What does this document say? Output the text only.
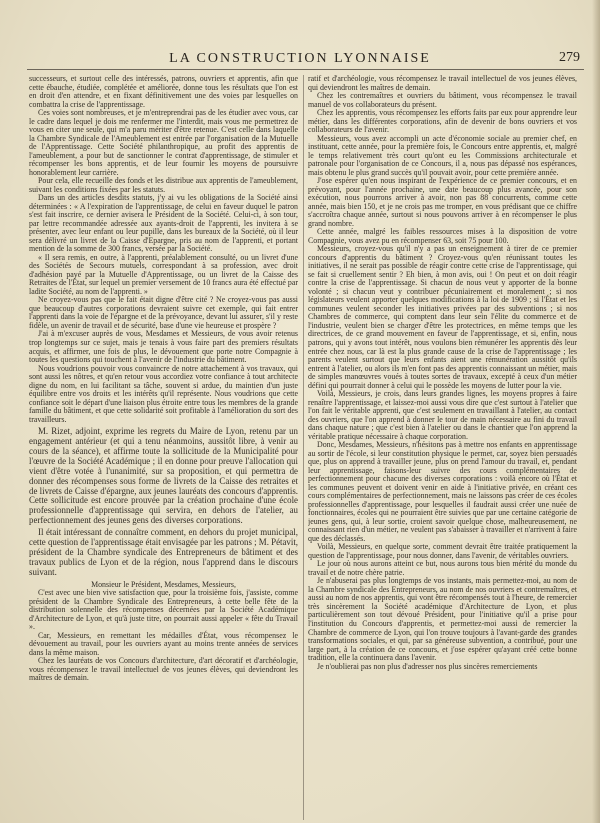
LA CONSTRUCTION LYONNAISE	279

successeurs, et surtout celle des intéressés, patrons, ouvriers et apprentis, afin que cette ébauche, étudiée, complétée et améliorée, donne tous les résultats que l'on est en droit d'en attendre, et en fixant définitivement une des voies par lesquelles on combattra la crise de l'apprentissage.

Ces voies sont nombreuses, et je m'entreprendrai pas de les étudier avec vous, car le cadre dans lequel je dois me renfermer me l'interdit, mais vous me permettrez de vous en citer une seule, qui m'a paru mériter d'être retenue. C'est celle dans laquelle la Chambre Syndicale de l'Ameublement est entrée par l'organisation de la Mutuelle de l'Apprentissage. Cette Société philanthropique, au profit des apprentis de l'ameublement, a pour but de sanctionner le contrat d'apprentissage, de stimuler et récompenser les bons apprentis, et de leur fournir les moyens de poursuivre honorablement leur carrière.

Pour cela, elle recueille des fonds et les distribue aux apprentis de l'ameublement, suivant les conditions fixées par les statuts.

Dans un des articles desdits statuts, j'y ai vu les obligations de la Société ainsi déterminées : « A l'expiration de l'apprentissage, de celui en faveur duquel le patron s'est fait inscrire, ce dernier avisera le Président de la Société. Celui-ci, à son tour, par lettre recommandée adressée aux ayants-droit de l'apprenti, les invitera à se présenter, avec leur enfant ou leur pupille, dans les bureaux de la Société, où il leur sera délivré un livret de la Caisse d'Epargne, pris au nom de l'apprenti, et portant mention de la somme de 300 francs, versée par la Société.

« Il sera remis, en outre, à l'apprenti, préalablement consulté, ou un livret d'une des Sociétés de Secours mutuels, correspondant à sa profession, avec droit d'adhésion payé par la Mutuelle d'Apprentissage, ou un livret de la Caisse des Retraites de l'État, sur lequel un premier versement de 10 francs aura été effectué par ladite Société, au nom de l'apprenti. »

Ne croyez-vous pas que le fait était digne d'être cité ? Ne croyez-vous pas aussi que beaucoup d'autres corporations devraient suivre cet exemple, qui fait entrer l'apprenti dans la voie de l'épargne et de la prévoyance, devant lui assurer, s'il y reste fidèle, un avenir de travail et de sécurité, base d'une vie heureuse et prospère ?

J'ai à m'excuser auprès de vous, Mesdames et Messieurs, de vous avoir retenus trop longtemps sur ce sujet, mais je tenais à vous faire part des premiers résultats acquis, et affirmer, une fois de plus, le dévouement que porte notre Compagnie à toutes les questions qui touchent à l'avenir de l'industrie du bâtiment.

Nous voudrions pouvoir vous convaincre de notre attachement à vos travaux, qui sont aussi les nôtres, et qu'en retour vous accordiez votre confiance à tout architecte digne du nom, en lui facilitant sa tâche, souvent si ardue, du maintien d'un juste équilibre entre vos droits et les intérêts qu'il représente. Nous voudrions que cette confiance soit le départ d'une liaison plus étroite entre tous les membres de la grande famille du bâtiment, et que cette solidarité soit profitable à l'amélioration du sort des travailleurs.

M. Rizet, adjoint, exprime les regrets du Maire de Lyon, retenu par un engagement antérieur (et qui a tenu néanmoins, aussitôt libre, à venir au cours de la séance), et affirme toute la sollicitude de la Municipalité pour l'œuvre de la Société Académique ; il en donne pour preuve l'allocation qui vient d'être votée à l'unanimité, sur sa proposition, et qui permettra de donner des récompenses sous forme de livrets de la Caisse des retraites et de livrets de Caisse d'épargne, aux jeunes lauréats des concours d'apprentis. Cette sollicitude est encore prouvée par la création prochaine d'une école professionnelle d'apprentissage qui servira, en dehors de l'atelier, au perfectionnement des jeunes gens des diverses corporations.

Il était intéressant de connaître comment, en dehors du projet municipal, cette question de l'apprentissage était envisagée par les patrons ; M. Pétavit, président de la Chambre syndicale des Entrepreneurs de bâtiment et des travaux publics de Lyon et de la région, nous l'apprend dans le discours suivant.

Monsieur le Président, Mesdames, Messieurs,

C'est avec une bien vive satisfaction que, pour la troisième fois, j'assiste, comme président de la Chambre Syndicale des Entrepreneurs, à cette belle fête de la distribution solennelle des récompenses décernées par la Société Académique d'Architecture de Lyon, et qu'à juste titre, on pourrait aussi appeler « fête du Travail ».

Car, Messieurs, en remettant les médailles d'État, vous récompensez le dévouement au travail, pour les ouvriers ayant au moins trente années de services dans la même maison.

Chez les lauréats de vos Concours d'architecture, d'art décoratif et d'archéologie, vous récompensez le travail intellectuel de vos jeunes élèves, qui deviendront les maîtres de demain.

ratif et d'archéologie, vous récompensez le travail intellectuel de vos jeunes élèves, qui deviendront les maîtres de demain.

Chez les contremaîtres et ouvriers du bâtiment, vous récompensez le travail manuel de vos collaborateurs du présent.

Chez les apprentis, vous récompensez les efforts faits par eux pour apprendre leur métier, dans les différentes corporations, afin de devenir de bons ouvriers et vos collaborateurs de l'avenir.

Messieurs, vous avez accompli un acte d'économie sociale au premier chef, en instituant, cette année, pour la première fois, le Concours entre apprentis, et, malgré le temps relativement très court qu'ont eu les Commissions architecturale et patronale pour l'organisation de ce Concours, il a, nous pas dépassé nos espérances, mais obtenu le plus grand succès qu'il pouvait avoir, pour cette première année.

J'ose espérer qu'en nous inspirant de l'expérience de ce premier concours, et en prévoyant, pour l'année prochaine, une date beaucoup plus avancée, pour son exécution, nous pourrons arriver à avoir, non pas 88 concurrents, comme cette année, mais bien 150, et je ne crois pas me tromper, en vous prédisant que ce chiffre s'accroîtra chaque année, surtout si nous pouvons arriver à en récompenser le plus grand nombre.

Cette année, malgré les faibles ressources mises à la disposition de votre Compagnie, vous avez pu en récompenser 63, soit 75 pour 100.

Messieurs, croyez-vous qu'il n'y a pas un enseignement à tirer de ce premier concours d'apprentis du bâtiment ? Croyez-vous qu'en réunissant toutes les initiatives, il ne serait pas possible de réagir contre cette crise de l'apprentissage, qui se fait si cruellement sentir ? Eh bien, à mon avis, oui ! On peut et on doit réagir contre la crise de l'apprentissage. Si chacun de nous veut y apporter de la bonne volonté ; si chacun veut y contribuer pécuniairement et moralement ; si nos législateurs veulent apporter quelques modifications à la loi de 1909 ; si l'État et les communes veulent seconder les initiatives privées par des subventions ; si nos Chambres de commerce, qui comptent dans leur sein l'élite du commerce et de l'industrie, veulent bien se charger d'être les protectrices, en même temps que les directrices, de ce grand mouvement en faveur de l'apprentissage, et si, enfin, nous patrons, qui y avons tout intérêt, nous voulons bien rémunérer les apprentis dès leur entrée chez nous, car là est la plus grande cause de la crise de l'apprentissage ; les parents veulent surtout que leurs enfants aient une rémunération aussitôt qu'ils entrent à l'atelier, ou alors ils m'en font pas des apprentis connaissant un métier, mais de simples manœuvres voués à toutes sortes de travaux, excepté à ceux d'un métier défini qui pourrait donner à celui qui le possède les moyens de lutter pour la vie.

Voilà, Messieurs, je crois, dans leurs grandes lignes, les moyens propres à faire renaître l'apprentissage, et laissez-moi aussi vous dire que c'est surtout à l'atelier que l'on fait le véritable apprenti, que c'est seulement en travaillant à l'atelier, au contact des ouvriers, que l'on apprend à donner le tour de main nécessaire au fini du travail dans chaque nature ; que c'est bien à l'atelier ou dans le chantier que l'on apprend la véritable pratique nécessaire à chaque corporation.

Donc, Mesdames, Messieurs, n'hésitons pas à mettre nos enfants en apprentissage au sortir de l'école, si leur constitution physique le permet, car, soyez bien persuadés que, plus on apprend à travailler jeune, plus on prend l'amour du travail, et, pendant leur apprentissage, faisons-leur suivre des cours complémentaires de perfectionnement pour chacune des diverses corporations : voilà encore où l'État et les communes peuvent et doivent venir en aide à l'initiative privée, en créant ces cours complémentaires de perfectionnement, mais ne laissons pas créer de ces écoles professionnelles d'apprentissage, pour lesquelles il faudrait aussi créer une nuée de fonctionnaires, écoles qui ne pourraient être suivies que par une certaine catégorie de jeunes gens, qui, à leur sortie, croient savoir quelque chose, malheureusement, ne connaissant rien d'un métier, ne veulent pas s'abaisser à travailler et n'arrivent à faire que des déclassés.

Voilà, Messieurs, en quelque sorte, comment devrait être traitée pratiquement la question de l'apprentissage, pour nous donner, dans l'avenir, de véritables ouvriers.

Le jour où nous aurons atteint ce but, nous aurons tous bien mérité du monde du travail et de notre chère patrie.

Je n'abuserai pas plus longtemps de vos instants, mais permettez-moi, au nom de la Chambre syndicale des Entrepreneurs, au nom de nos ouvriers et contremaîtres, et aussi au nom de nos apprentis, qui vont être récompensés tout à l'heure, de remercier très sincèrement la Société académique d'Architecture de Lyon, et plus particulièrement son tout dévoué Président, pour l'initiative qu'il a prise pour l'institution du Concours d'apprentis, et permettez-moi aussi de remercier la Chambre de commerce de Lyon, qui l'on trouve toujours à l'avant-garde des grandes transformations sociales, et qui, par sa généreuse subvention, a contribué, pour une large part, à la création de ce concours, et j'ose espérer qu'ayant créé cette bonne tradition, elle la continuera dans l'avenir.

Je n'oublierai pas non plus d'adresser nos plus sincères remerciements
